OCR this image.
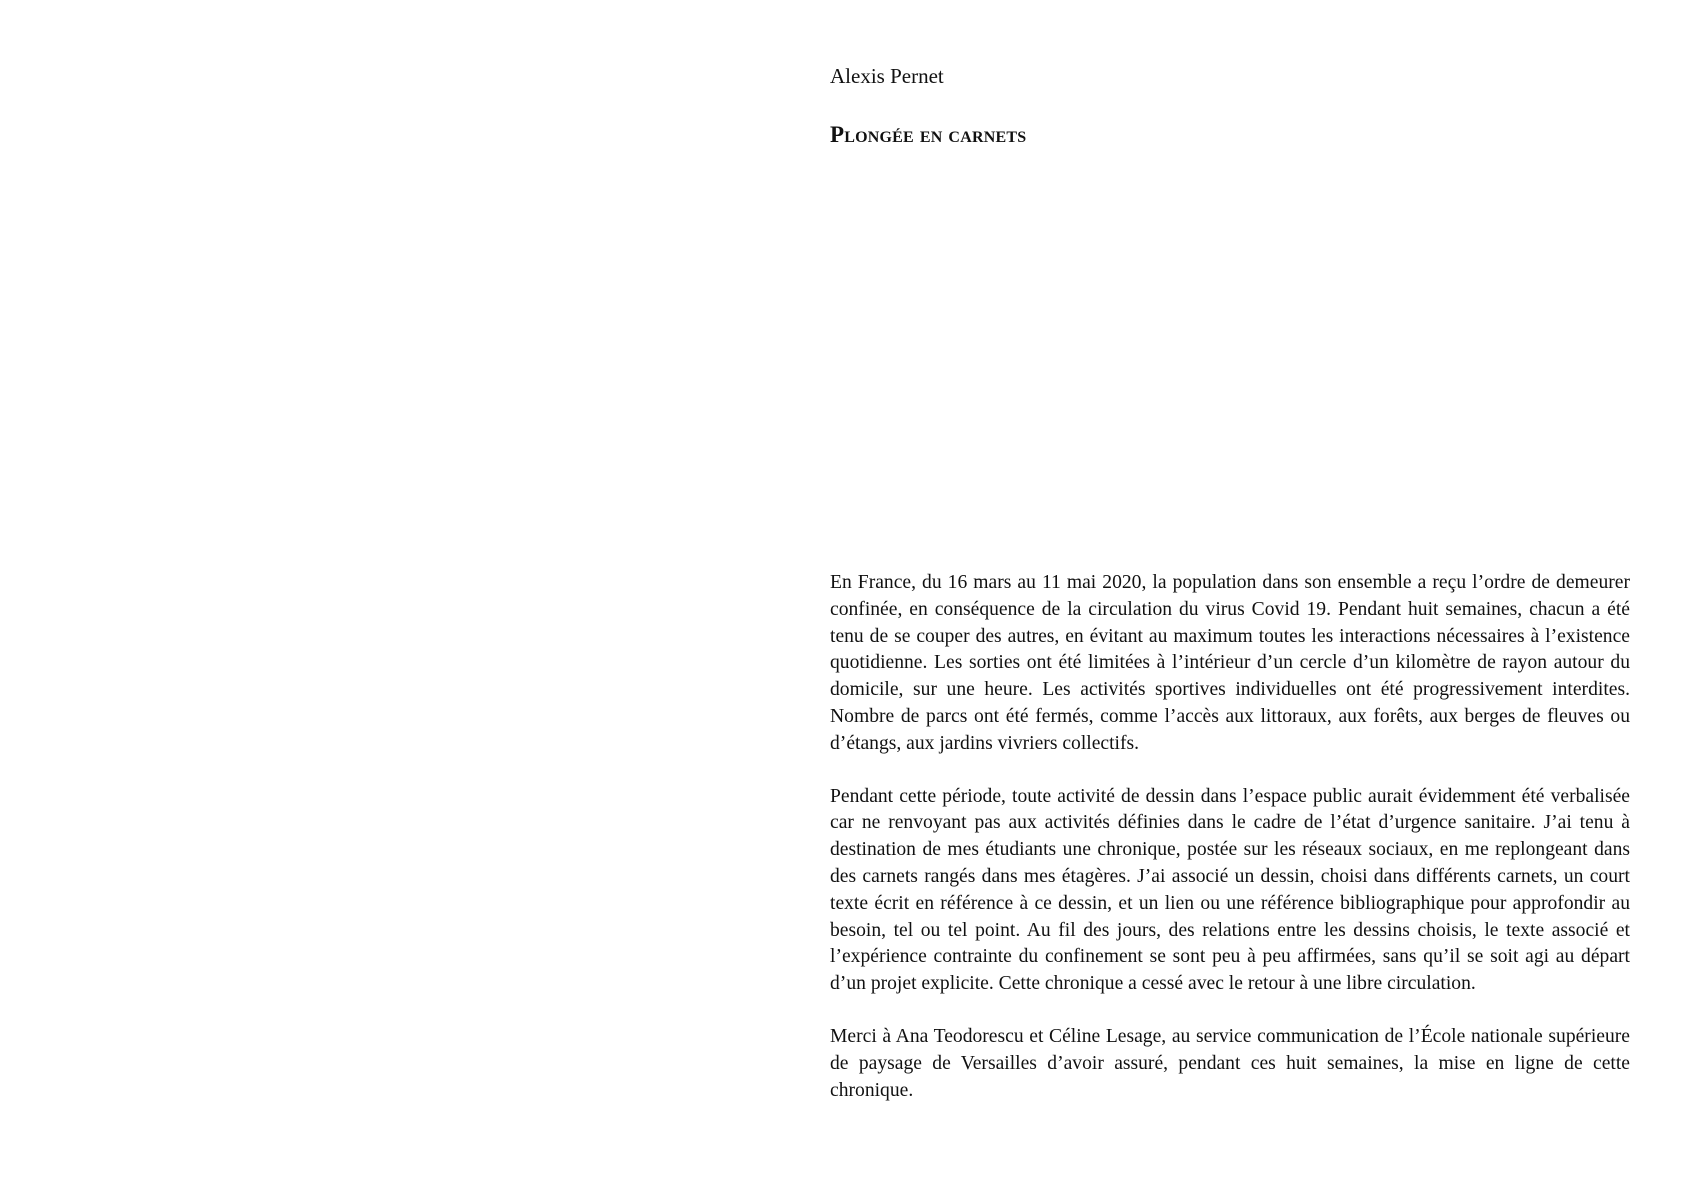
Alexis Pernet
Plongée en carnets

En France, du 16 mars au 11 mai 2020, la population dans son ensemble a reçu l’ordre de demeurer confinée, en conséquence de la circulation du virus Covid 19. Pendant huit semaines, chacun a été tenu de se couper des autres, en évitant au maximum toutes les interactions nécessaires à l’existence quotidienne. Les sorties ont été limitées à l’intérieur d’un cercle d’un kilomètre de rayon autour du domicile, sur une heure. Les activités sportives individuelles ont été progressivement interdites. Nombre de parcs ont été fermés, comme l’accès aux littoraux, aux forêts, aux berges de fleuves ou d’étangs, aux jardins vivriers collectifs.

Pendant cette période, toute activité de dessin dans l’espace public aurait évidemment été verbalisée car ne renvoyant pas aux activités définies dans le cadre de l’état d’urgence sanitaire. J’ai tenu à destination de mes étudiants une chronique, postée sur les réseaux sociaux, en me replongeant dans des carnets rangés dans mes étagères. J’ai associé un dessin, choisi dans différents carnets, un court texte écrit en référence à ce dessin, et un lien ou une référence bibliographique pour approfondir au besoin, tel ou tel point. Au fil des jours, des relations entre les dessins choisis, le texte associé et l’expérience contrainte du confinement se sont peu à peu affirmées, sans qu’il se soit agi au départ d’un projet explicite. Cette chronique a cessé avec le retour à une libre circulation.

Merci à Ana Teodorescu et Céline Lesage, au service communication de l’École nationale supérieure de paysage de Versailles d’avoir assuré, pendant ces huit semaines, la mise en ligne de cette chronique.
